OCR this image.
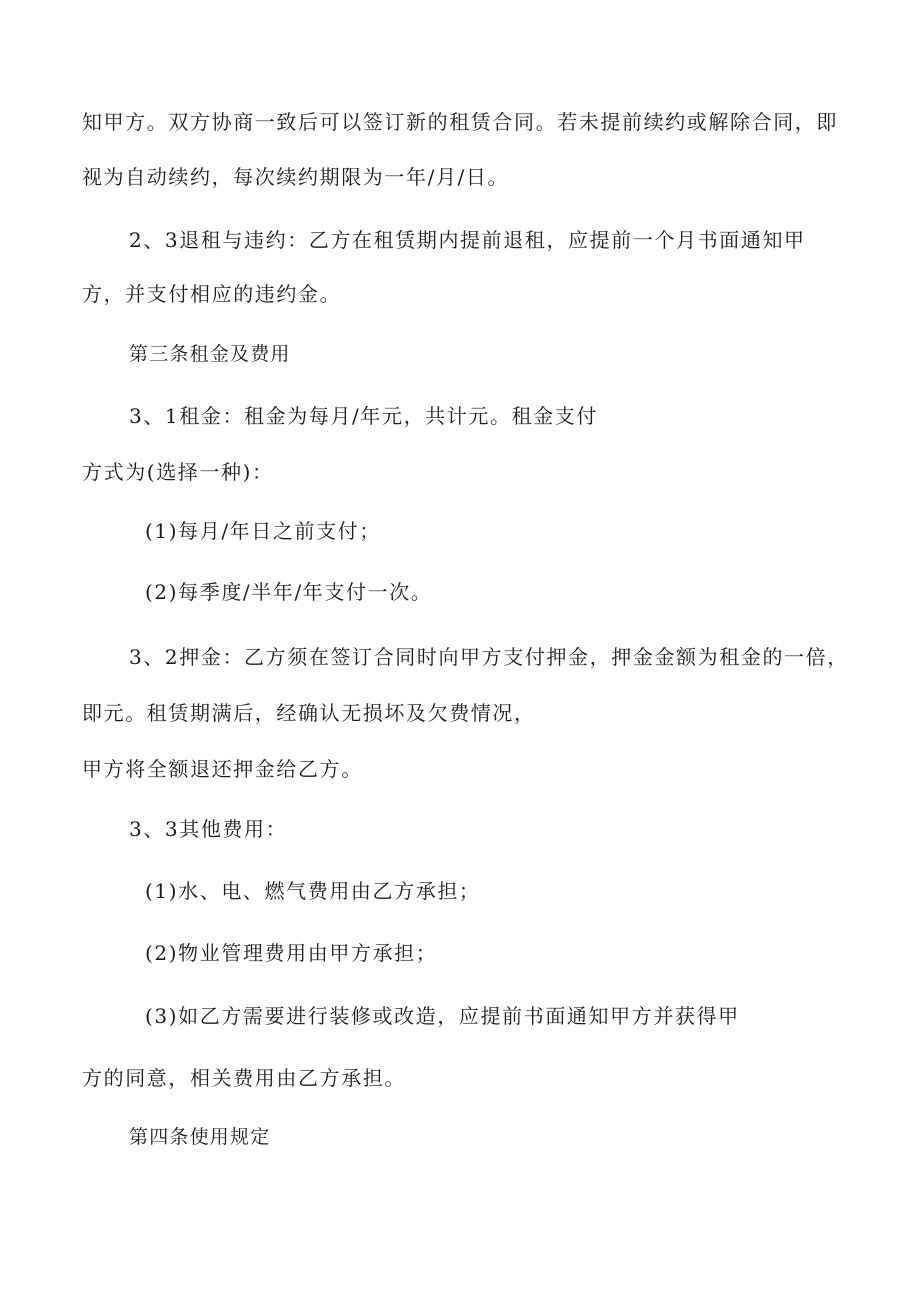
知甲方。双方协商一致后可以签订新的租赁合同。若未提前续约或解除合同，即
视为自动续约，每次续约期限为一年/月/日。
2、3退租与违约：乙方在租赁期内提前退租，应提前一个月书面通知甲
方，并支付相应的违约金。
第三条租金及费用
3、1租金：租金为每月/年元，共计元。租金支付
方式为(选择一种)：
(1)每月/年日之前支付；
(2)每季度/半年/年支付一次。
3、2押金：乙方须在签订合同时向甲方支付押金，押金金额为租金的一倍，
即元。租赁期满后，经确认无损坏及欠费情况，
甲方将全额退还押金给乙方。
3、3其他费用：
(1)水、电、燃气费用由乙方承担；
(2)物业管理费用由甲方承担；
(3)如乙方需要进行装修或改造，应提前书面通知甲方并获得甲
方的同意，相关费用由乙方承担。
第四条使用规定
